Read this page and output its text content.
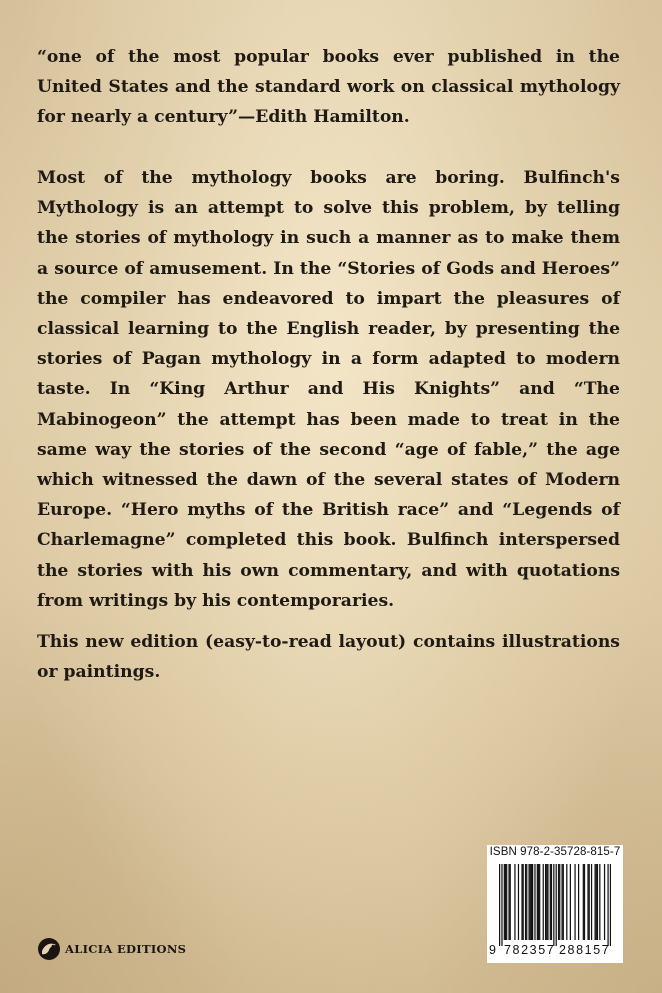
“one of the most popular books ever published in the United States and the standard work on classical mythology for nearly a century”—Edith Hamilton.

Most of the mythology books are boring. Bulfinch's Mythology is an attempt to solve this problem, by telling the stories of mythology in such a manner as to make them a source of amusement. In the “Stories of Gods and Heroes” the compiler has endeavored to impart the pleasures of classical learning to the English reader, by presenting the stories of Pagan mythology in a form adapted to modern taste. In “King Arthur and His Knights” and “The Mabinogeon” the attempt has been made to treat in the same way the stories of the second “age of fable,” the age which witnessed the dawn of the several states of Modern Europe. “Hero myths of the British race” and “Legends of Charlemagne” completed this book. Bulfinch interspersed the stories with his own commentary, and with quotations from writings by his contemporaries.

This new edition (easy-to-read layout) contains illustrations or paintings.

ISBN 978-2-35728-815-7
9 782357 288157
ALICIA EDITIONS
